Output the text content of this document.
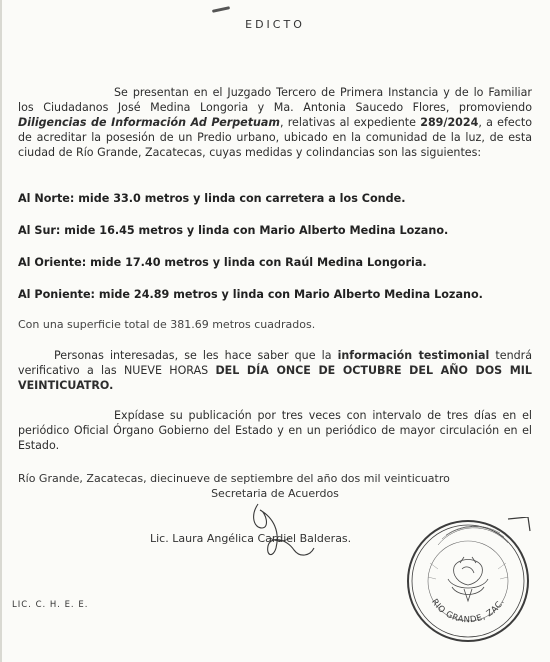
EDICTO
Se presentan en el Juzgado Tercero de Primera Instancia y de lo Familiar los Ciudadanos José Medina Longoria y Ma. Antonia Saucedo Flores, promoviendo Diligencias de Información Ad Perpetuam, relativas al expediente 289/2024, a efecto de acreditar la posesión de un Predio urbano, ubicado en la comunidad de la luz, de esta ciudad de Río Grande, Zacatecas, cuyas medidas y colindancias son las siguientes:
Al Norte: mide 33.0 metros y linda con carretera a los Conde.
Al Sur: mide 16.45 metros y linda con Mario Alberto Medina Lozano.
Al Oriente: mide 17.40 metros y linda con Raúl Medina Longoria.
Al Poniente: mide 24.89 metros y linda con Mario Alberto Medina Lozano.
Con una superficie total de 381.69 metros cuadrados.
Personas interesadas, se les hace saber que la información testimonial tendrá verificativo a las NUEVE HORAS DEL DÍA ONCE DE OCTUBRE DEL AÑO DOS MIL VEINTICUATRO.
Expídase su publicación por tres veces con intervalo de tres días en el periódico Oficial Órgano Gobierno del Estado y en un periódico de mayor circulación en el Estado.
Río Grande, Zacatecas, diecinueve de septiembre del año dos mil veinticuatro
Secretaria de Acuerdos
Lic. Laura Angélica Cardiel Balderas.
RIO GRANDE, ZAC.
LIC. C. H. E. E.
